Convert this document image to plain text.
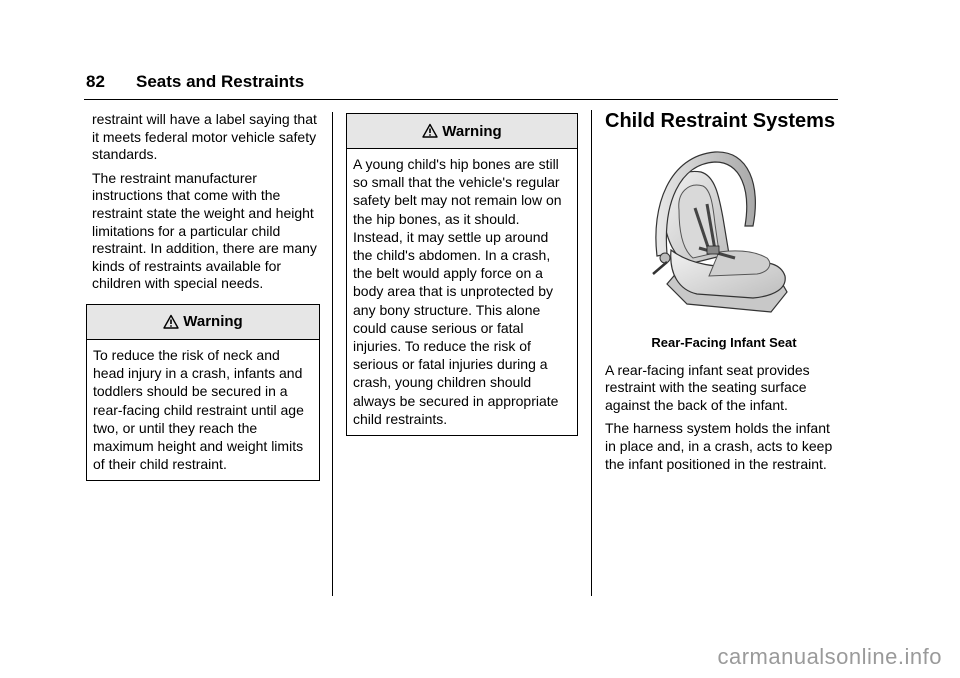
82 Seats and Restraints

restraint will have a label saying that it meets federal motor vehicle safety standards.

The restraint manufacturer instructions that come with the restraint state the weight and height limitations for a particular child restraint. In addition, there are many kinds of restraints available for children with special needs.

Warning
To reduce the risk of neck and head injury in a crash, infants and toddlers should be secured in a rear-facing child restraint until age two, or until they reach the maximum height and weight limits of their child restraint.
Warning
A young child's hip bones are still so small that the vehicle's regular safety belt may not remain low on the hip bones, as it should. Instead, it may settle up around the child's abdomen. In a crash, the belt would apply force on a body area that is unprotected by any bony structure. This alone could cause serious or fatal injuries. To reduce the risk of serious or fatal injuries during a crash, young children should always be secured in appropriate child restraints.
Child Restraint Systems
Rear-Facing Infant Seat

A rear-facing infant seat provides restraint with the seating surface against the back of the infant.

The harness system holds the infant in place and, in a crash, acts to keep the infant positioned in the restraint.

carmanualsonline.info
